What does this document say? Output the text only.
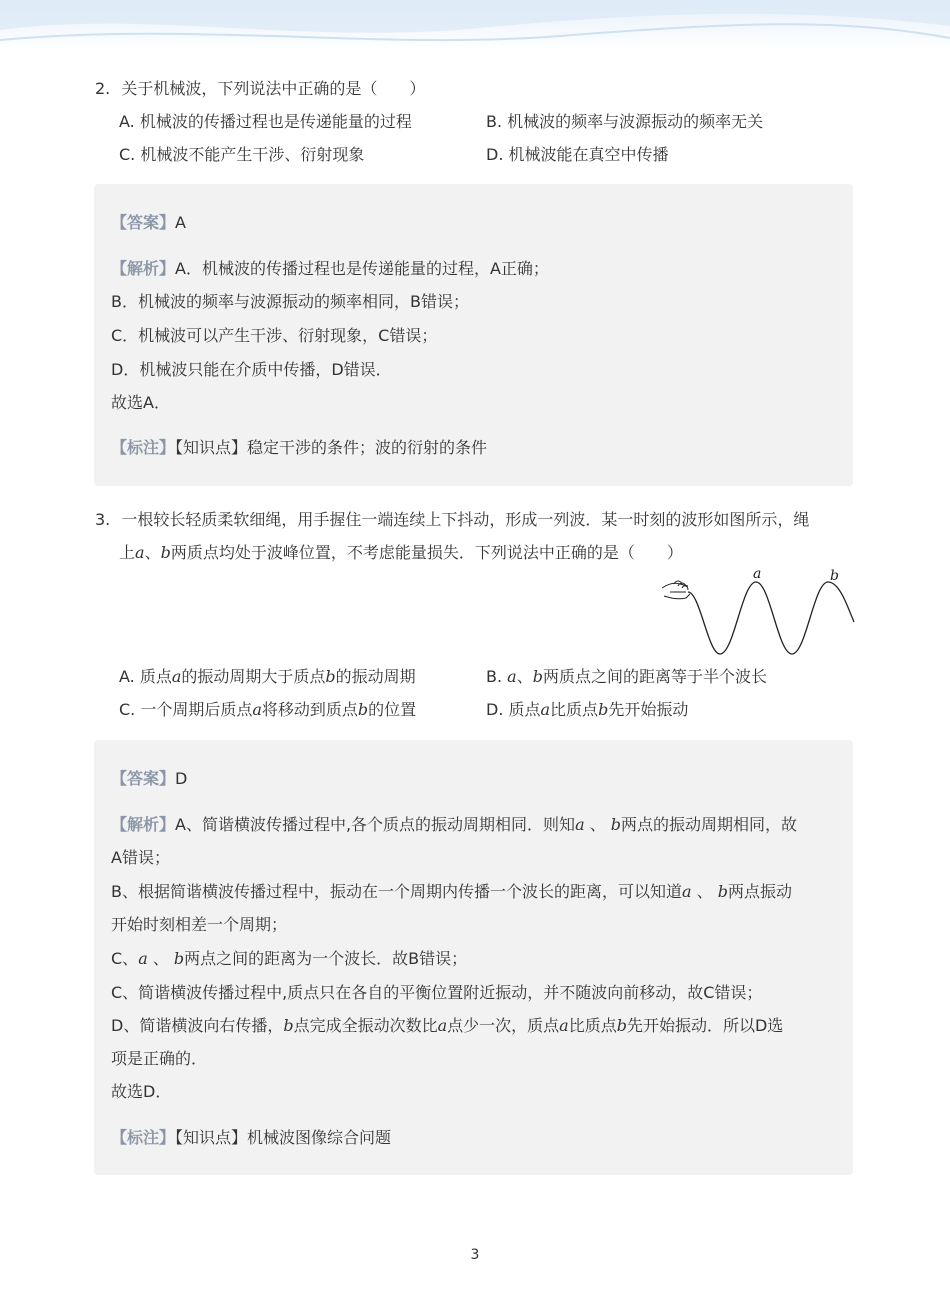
2. 关于机械波，下列说法中正确的是（　　）
A. 机械波的传播过程也是传递能量的过程	B. 机械波的频率与波源振动的频率无关
C. 机械波不能产生干涉、衍射现象	D. 机械波能在真空中传播
【答案】A
【解析】A．机械波的传播过程也是传递能量的过程，A正确；
B．机械波的频率与波源振动的频率相同，B错误；
C．机械波可以产生干涉、衍射现象，C错误；
D．机械波只能在介质中传播，D错误．
故选A．
【标注】【知识点】稳定干涉的条件；波的衍射的条件
3. 一根较长轻质柔软细绳，用手握住一端连续上下抖动，形成一列波．某一时刻的波形如图所示，绳
上a、b两质点均处于波峰位置，不考虑能量损失．下列说法中正确的是（　　）
a	b
A. 质点a的振动周期大于质点b的振动周期	B. a、b两质点之间的距离等于半个波长
C. 一个周期后质点a将移动到质点b的位置	D. 质点a比质点b先开始振动
【答案】D
【解析】A、简谐横波传播过程中,各个质点的振动周期相同．则知a 、 b两点的振动周期相同，故
A错误；
B、根据简谐横波传播过程中，振动在一个周期内传播一个波长的距离，可以知道a 、 b两点振动
开始时刻相差一个周期；
C、a 、 b两点之间的距离为一个波长．故B错误；
C、简谐横波传播过程中,质点只在各自的平衡位置附近振动，并不随波向前移动，故C错误；
D、简谐横波向右传播，b点完成全振动次数比a点少一次，质点a比质点b先开始振动．所以D选
项是正确的．
故选D．
【标注】【知识点】机械波图像综合问题
3
